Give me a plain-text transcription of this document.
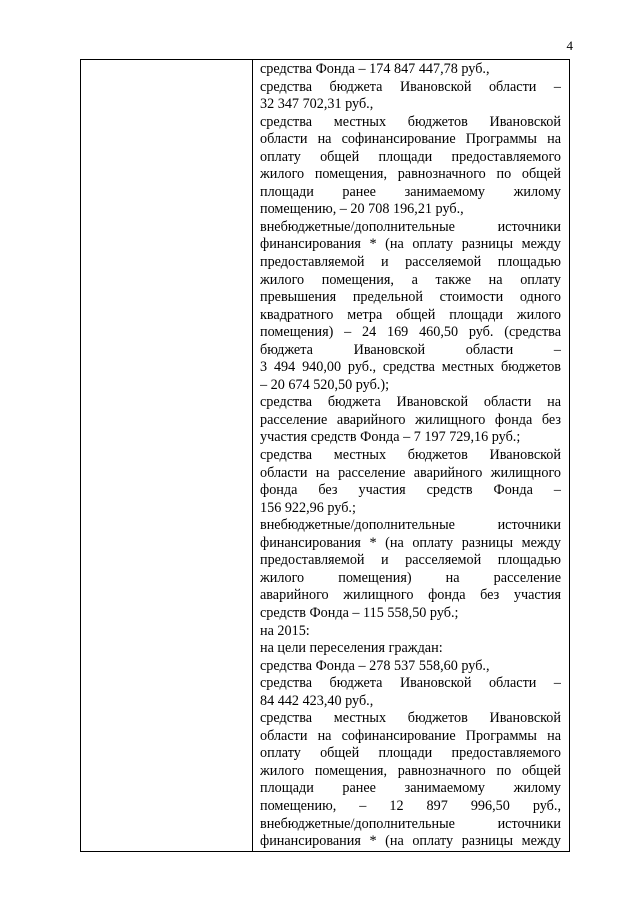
4

средства Фонда – 174 847 447,78 руб.,
средства бюджета Ивановской области –
32 347 702,31 руб.,
средства местных бюджетов Ивановской
области на софинансирование Программы на
оплату общей площади предоставляемого
жилого помещения, равнозначного по общей
площади ранее занимаемому жилому
помещению, – 20 708 196,21 руб.,
внебюджетные/дополнительные источники
финансирования * (на оплату разницы между
предоставляемой и расселяемой площадью
жилого помещения, а также на оплату
превышения предельной стоимости одного
квадратного метра общей площади жилого
помещения) – 24 169 460,50 руб. (средства
бюджета Ивановской области –
3 494 940,00 руб., средства местных бюджетов
– 20 674 520,50 руб.);
средства бюджета Ивановской области на
расселение аварийного жилищного фонда без
участия средств Фонда – 7 197 729,16 руб.;
средства местных бюджетов Ивановской
области на расселение аварийного жилищного
фонда без участия средств Фонда –
156 922,96 руб.;
внебюджетные/дополнительные источники
финансирования * (на оплату разницы между
предоставляемой и расселяемой площадью
жилого помещения) на расселение
аварийного жилищного фонда без участия
средств Фонда – 115 558,50 руб.;
на 2015:
на цели переселения граждан:
средства Фонда – 278 537 558,60 руб.,
средства бюджета Ивановской области –
84 442 423,40 руб.,
средства местных бюджетов Ивановской
области на софинансирование Программы на
оплату общей площади предоставляемого
жилого помещения, равнозначного по общей
площади ранее занимаемому жилому
помещению, – 12 897 996,50 руб.,
внебюджетные/дополнительные источники
финансирования * (на оплату разницы между
